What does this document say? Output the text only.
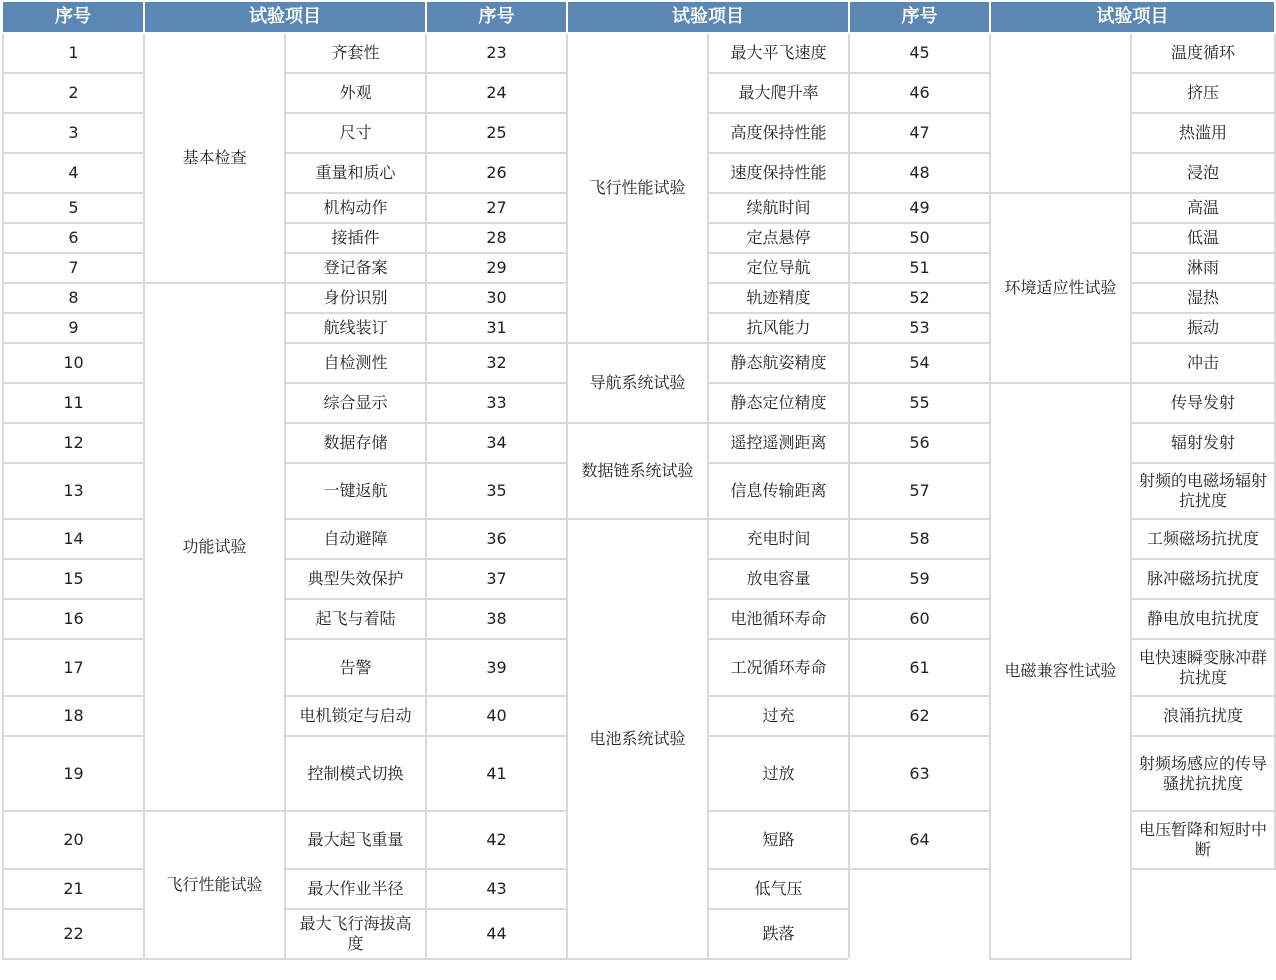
序号	试验项目		序号	试验项目		序号	试验项目	
1	基本检查	齐套性	23	飞行性能试验	最大平飞速度	45		温度循环
2		外观	24		最大爬升率	46		挤压
3		尺寸	25		高度保持性能	47		热滥用
4		重量和质心	26		速度保持性能	48		浸泡
5		机构动作	27		续航时间	49	环境适应性试验	高温
6		接插件	28		定点悬停	50		低温
7		登记备案	29		定位导航	51		淋雨
8	功能试验	身份识别	30		轨迹精度	52		湿热
9		航线装订	31		抗风能力	53		振动
10		自检测性	32	导航系统试验	静态航姿精度	54		冲击
11		综合显示	33		静态定位精度	55	电磁兼容性试验	传导发射
12		数据存储	34	数据链系统试验	遥控遥测距离	56		辐射发射
13		一键返航	35		信息传输距离	57		射频的电磁场辐射抗扰度
14		自动避障	36	电池系统试验	充电时间	58		工频磁场抗扰度
15		典型失效保护	37		放电容量	59		脉冲磁场抗扰度
16		起飞与着陆	38		电池循环寿命	60		静电放电抗扰度
17		告警	39		工况循环寿命	61		电快速瞬变脉冲群抗扰度
18		电机锁定与启动	40		过充	62		浪涌抗扰度
19		控制模式切换	41		过放	63		射频场感应的传导骚扰抗扰度
20	飞行性能试验	最大起飞重量	42		短路	64		电压暂降和短时中断
21		最大作业半径	43		低气压			
22		最大飞行海拔高度	44		跌落			
